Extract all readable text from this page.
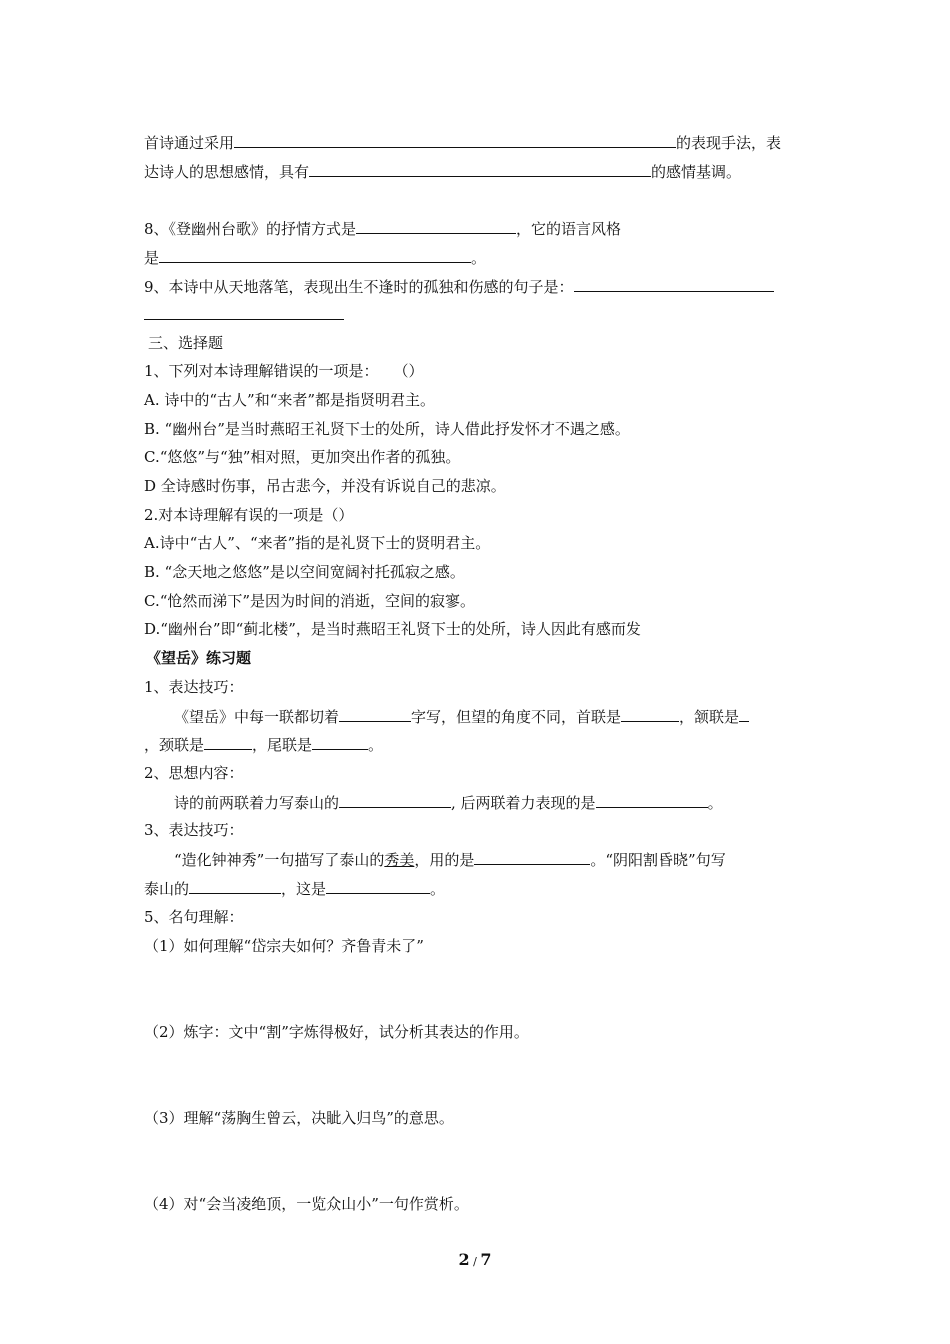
首诗通过采用	的表现手法，表
达诗人的思想感情，具有	的感情基调。
8、《登幽州台歌》的抒情方式是	，它的语言风格
是	。
9、本诗中从天地落笔，表现出生不逢时的孤独和伤感的句子是：
三、选择题
1、下列对本诗理解错误的一项是：　　（）
A. 诗中的“古人”和“来者”都是指贤明君主。
B. “幽州台”是当时燕昭王礼贤下士的处所，诗人借此抒发怀才不遇之感。
C.“悠悠”与“独”相对照，更加突出作者的孤独。
D 全诗感时伤事，吊古悲今，并没有诉说自己的悲凉。
2.对本诗理解有误的一项是（）
A.诗中“古人”、“来者”指的是礼贤下士的贤明君主。
B. “念天地之悠悠”是以空间宽阔衬托孤寂之感。
C.“怆然而涕下”是因为时间的消逝，空间的寂寥。
D.“幽州台”即“蓟北楼”，是当时燕昭王礼贤下士的处所，诗人因此有感而发
《望岳》练习题
1、表达技巧：
《望岳》中每一联都切着	字写，但望的角度不同，首联是	，颔联是
，颈联是	，尾联是	。
2、思想内容：
诗的前两联着力写泰山的	, 后两联着力表现的是	。
3、表达技巧：
“造化钟神秀”一句描写了泰山的秀美，用的是	。“阴阳割昏晓”句写
泰山的	，这是	。
5、名句理解：
（1）如何理解“岱宗夫如何？齐鲁青未了”
（2）炼字：文中“割”字炼得极好，试分析其表达的作用。
（3）理解“荡胸生曾云，决眦入归鸟”的意思。
（4）对“会当凌绝顶，一览众山小”一句作赏析。
2 / 7
